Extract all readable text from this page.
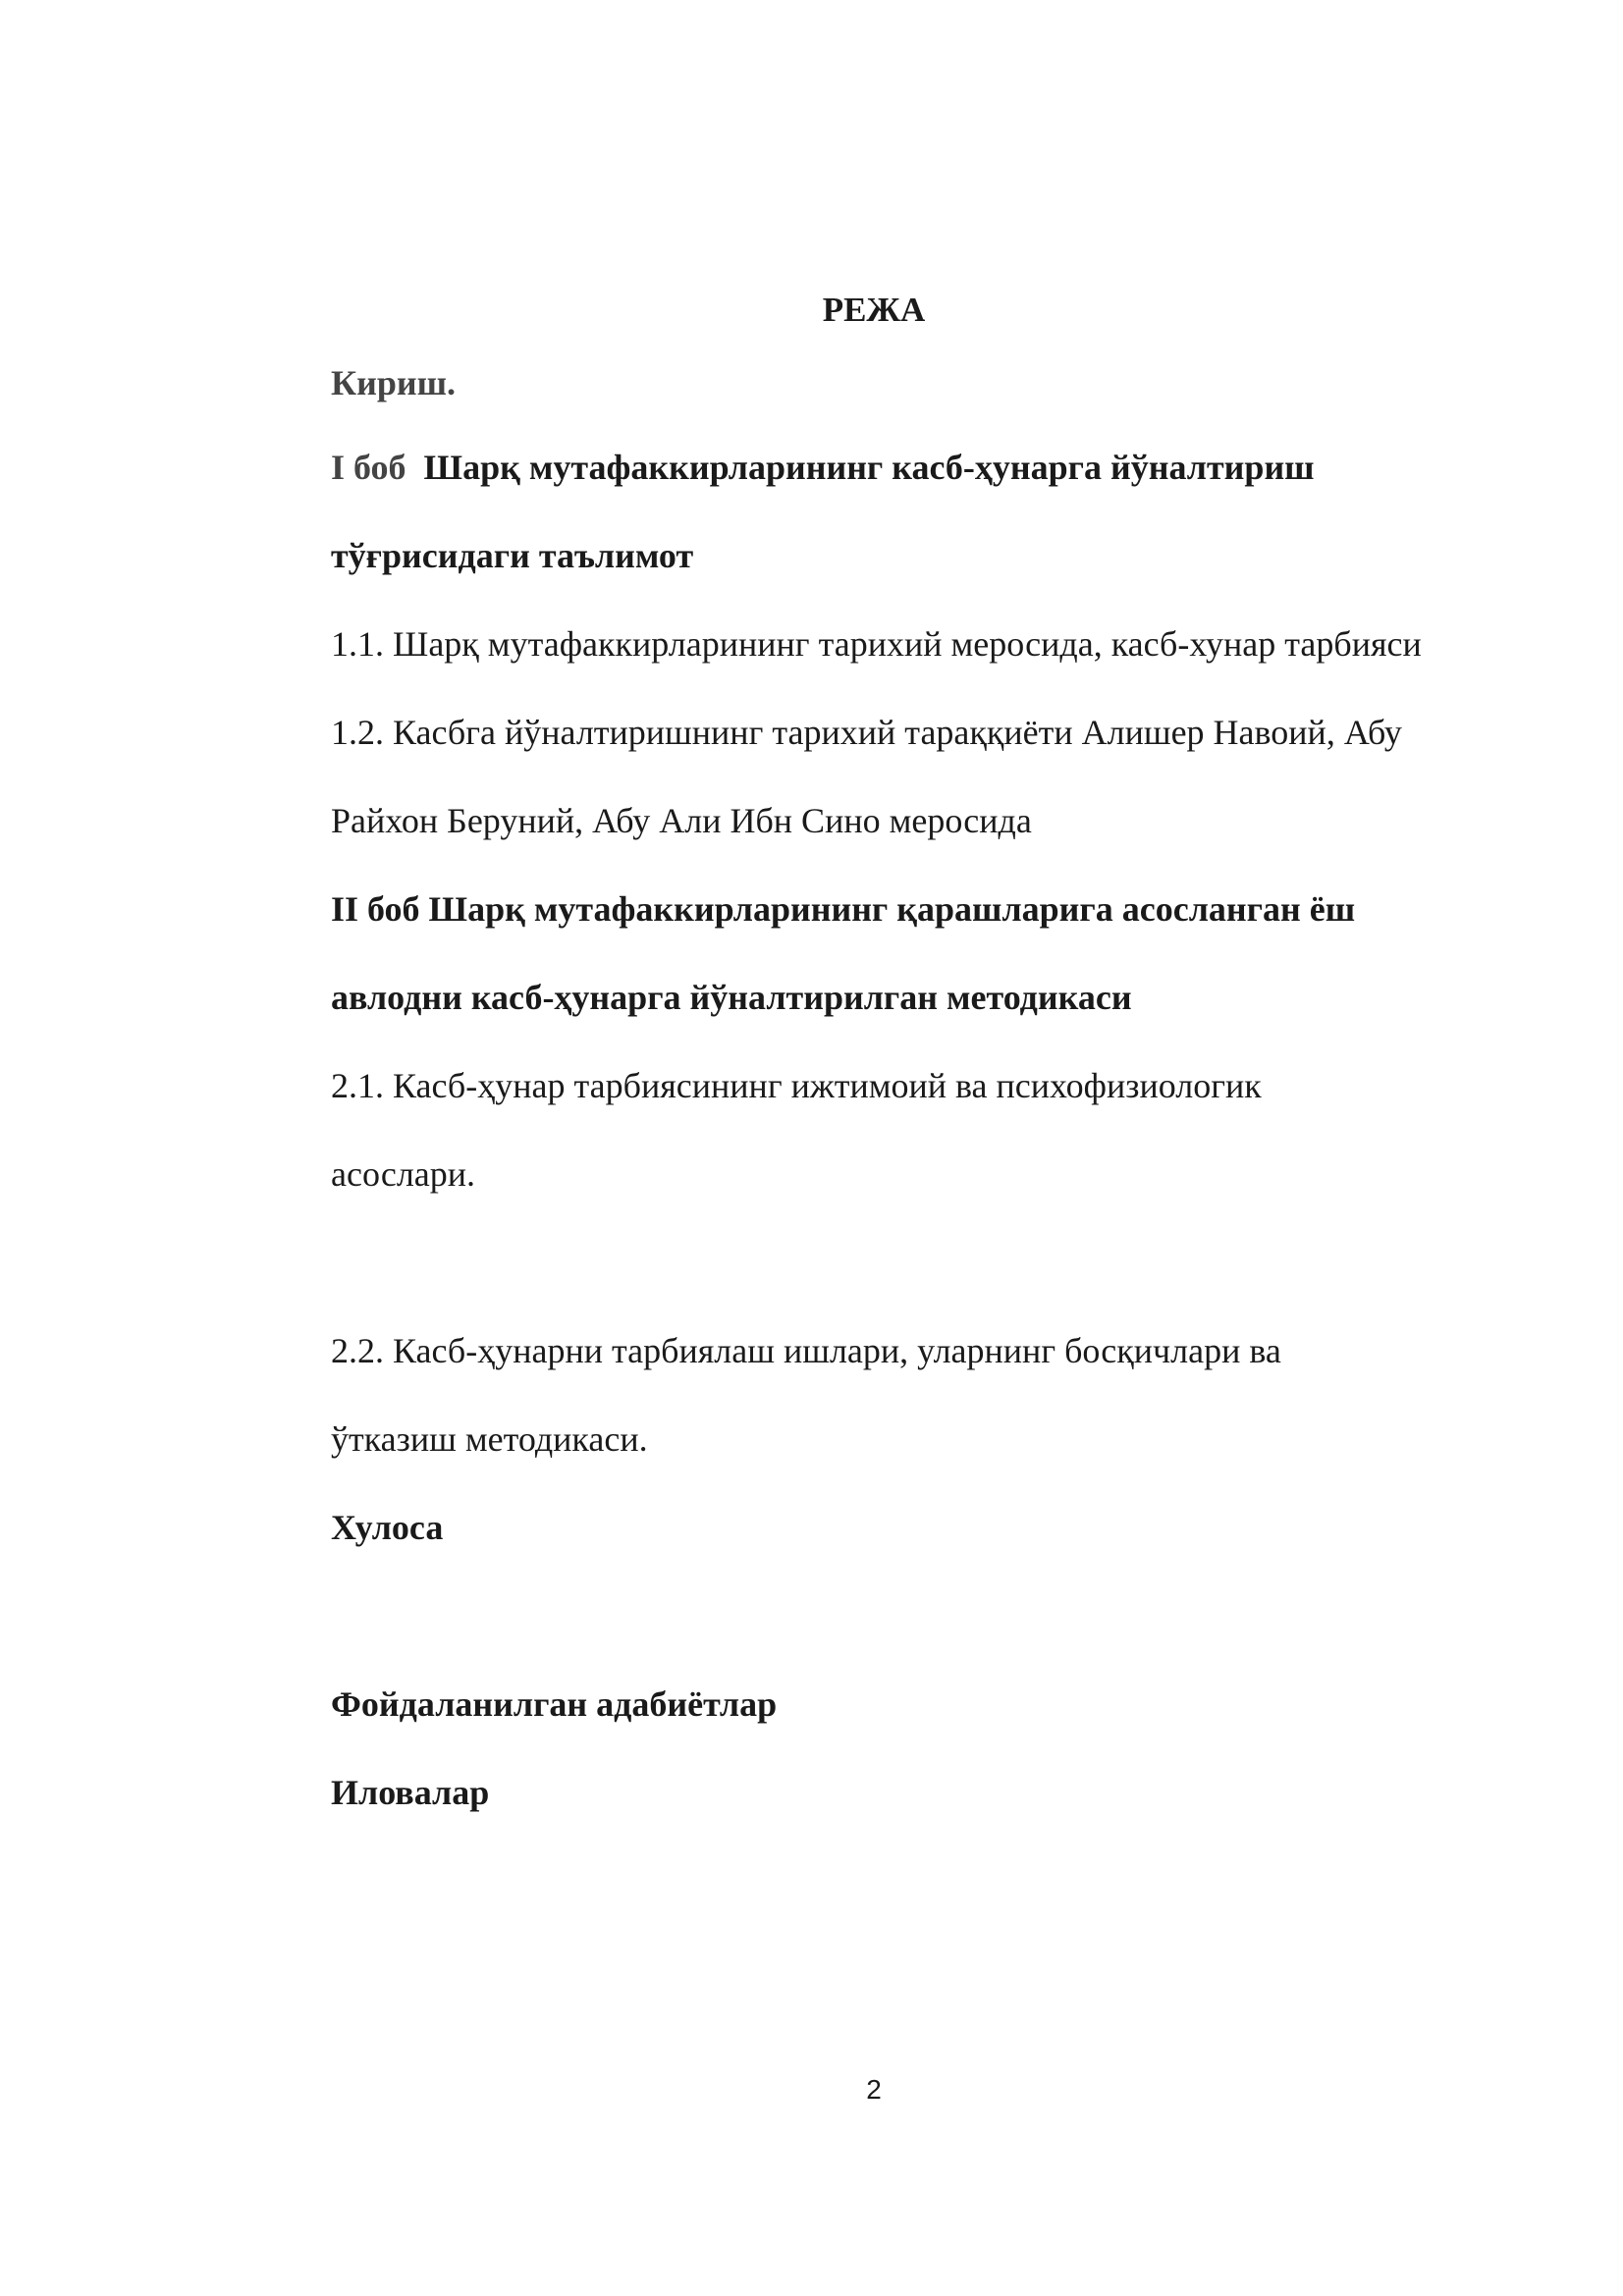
РЕЖА
Кириш.
I боб Шарқ мутафаккирларининг касб-ҳунарга йўналтириш
тўғрисидаги таълимот
1.1. Шарқ мутафаккирларининг тарихий меросида, касб-хунар тарбияси
1.2. Касбга йўналтиришнинг тарихий тараққиёти Алишер Навоий, Абу
Райхон Беруний, Абу Али Ибн Сино меросида
II боб Шарқ мутафаккирларининг қарашларига асосланган ёш
авлодни касб-ҳунарга йўналтирилган методикаси
2.1. Касб-ҳунар тарбиясининг ижтимоий ва психофизиологик
асослари.
2.2. Касб-ҳунарни тарбиялаш ишлари, уларнинг босқичлари ва
ўтказиш методикаси.
Хулоса
Фойдаланилган адабиётлар
Иловалар
2
